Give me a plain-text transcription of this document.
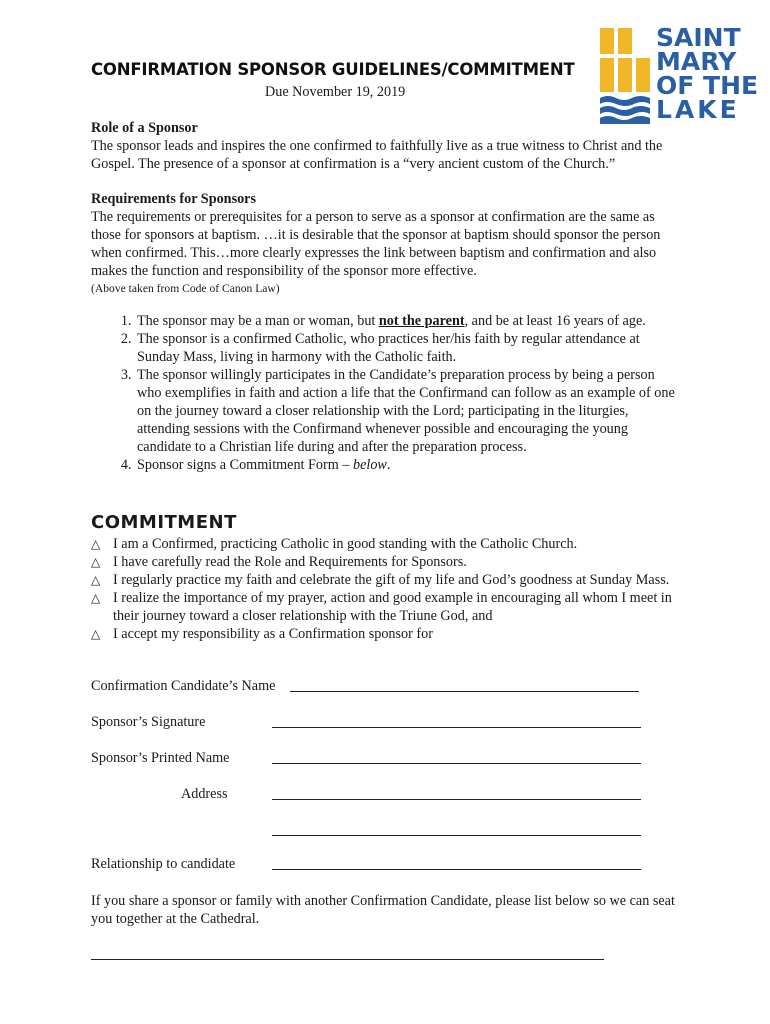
SAINT
MARY
OF THE
LAKE
CONFIRMATION SPONSOR GUIDELINES/COMMITMENT
Due November 19, 2019
Role of a Sponsor
The sponsor leads and inspires the one confirmed to faithfully live as a true witness to Christ and the Gospel. The presence of a sponsor at confirmation is a “very ancient custom of the Church.”
Requirements for Sponsors
The requirements or prerequisites for a person to serve as a sponsor at confirmation are the same as those for sponsors at baptism. …it is desirable that the sponsor at baptism should sponsor the person when confirmed. This…more clearly expresses the link between baptism and confirmation and also makes the function and responsibility of the sponsor more effective.
(Above taken from Code of Canon Law)
1. The sponsor may be a man or woman, but not the parent, and be at least 16 years of age.
2. The sponsor is a confirmed Catholic, who practices her/his faith by regular attendance at Sunday Mass, living in harmony with the Catholic faith.
3. The sponsor willingly participates in the Candidate’s preparation process by being a person who exemplifies in faith and action a life that the Confirmand can follow as an example of one on the journey toward a closer relationship with the Lord; participating in the liturgies, attending sessions with the Confirmand whenever possible and encouraging the young candidate to a Christian life during and after the preparation process.
4. Sponsor signs a Commitment Form – below.
COMMITMENT
△ I am a Confirmed, practicing Catholic in good standing with the Catholic Church.
△ I have carefully read the Role and Requirements for Sponsors.
△ I regularly practice my faith and celebrate the gift of my life and God’s goodness at Sunday Mass.
△ I realize the importance of my prayer, action and good example in encouraging all whom I meet in their journey toward a closer relationship with the Triune God, and
△ I accept my responsibility as a Confirmation sponsor for
Confirmation Candidate’s Name
Sponsor’s Signature
Sponsor’s Printed Name
Address
Relationship to candidate
If you share a sponsor or family with another Confirmation Candidate, please list below so we can seat you together at the Cathedral.
